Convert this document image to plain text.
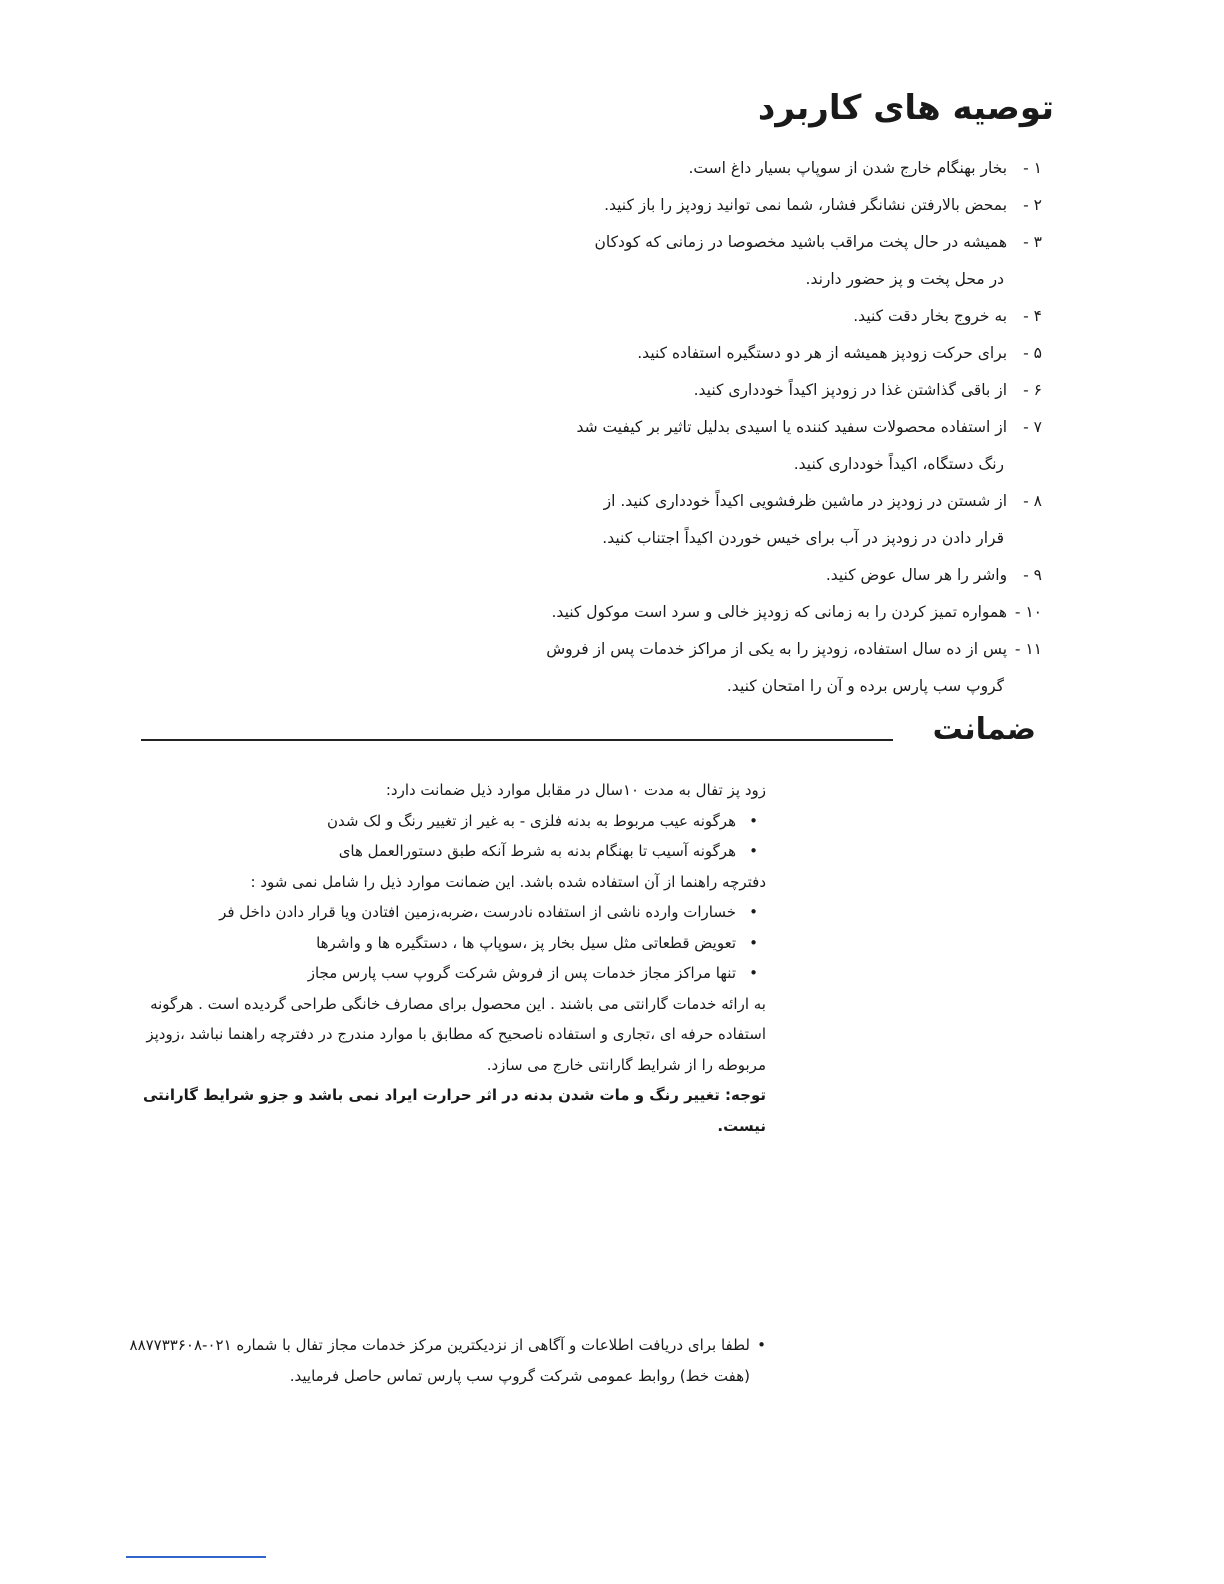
توصیه های کاربرد
۱ - بخار بهنگام خارج شدن از سوپاپ بسیار داغ است.
۲ - بمحض بالارفتن نشانگر فشار، شما نمی توانید زودپز را باز کنید.
۳ - همیشه در حال پخت مراقب باشید مخصوصا در زمانی که کودکان
در محل پخت و پز حضور دارند.
۴ - به خروج بخار دقت کنید.
۵ - برای حرکت زودپز همیشه از هر دو دستگیره استفاده کنید.
۶ - از باقی گذاشتن غذا در زودپز اکیداً خودداری کنید.
۷ - از استفاده محصولات سفید کننده یا اسیدی بدلیل تاثیر بر کیفیت شد
رنگ دستگاه، اکیداً خودداری کنید.
۸ - از شستن در زودپز در ماشین ظرفشویی اکیداً خودداری کنید. از
قرار دادن در زودپز در آب برای خیس خوردن اکیداً اجتناب کنید.
۹ - واشر را هر سال عوض کنید.
۱۰ - همواره تمیز کردن را به زمانی که زودپز خالی و سرد است موکول کنید.
۱۱ - پس از ده سال استفاده، زودپز را به یکی از مراکز خدمات پس از فروش
گروپ سب پارس برده و آن را امتحان کنید.
ضمانت

زود پز تفال به مدت ۱۰سال در مقابل موارد ذیل ضمانت دارد:

• هرگونه عیب مربوط به بدنه فلزی - به غیر از تغییر رنگ و لک شدن
• هرگونه آسیب تا بهنگام بدنه به شرط آنکه طبق دستورالعمل های

دفترچه راهنما از آن استفاده شده باشد. این ضمانت موارد ذیل را شامل نمی شود :

• خسارات وارده ناشی از استفاده نادرست ،ضربه،زمین افتادن ویا قرار دادن داخل فر
• تعویض قطعاتی مثل سیل بخار پز ،سوپاپ ها ، دستگیره ها و واشرها
• تنها مراکز مجاز خدمات پس از فروش شرکت گروپ سب پارس مجاز

به ارائه خدمات گارانتی می باشند . این محصول برای مصارف خانگی طراحی گردیده است . هرگونه استفاده حرفه ای ،تجاری و استفاده ناصحیح که مطابق با موارد مندرج در دفترچه راهنما نباشد ،زودپز مربوطه را از شرایط گارانتی خارج می سازد.

توجه: تغییر رنگ و مات شدن بدنه در اثر حرارت ایراد نمی باشد و جزو شرایط گارانتی نیست.

• لطفا برای دریافت اطلاعات و آگاهی از نزدیکترین مرکز خدمات مجاز تفال با شماره ۰۲۱-۸۸۷۷۳۳۶۰۸ (هفت خط) روابط عمومی شرکت گروپ سب پارس تماس حاصل فرمایید.
